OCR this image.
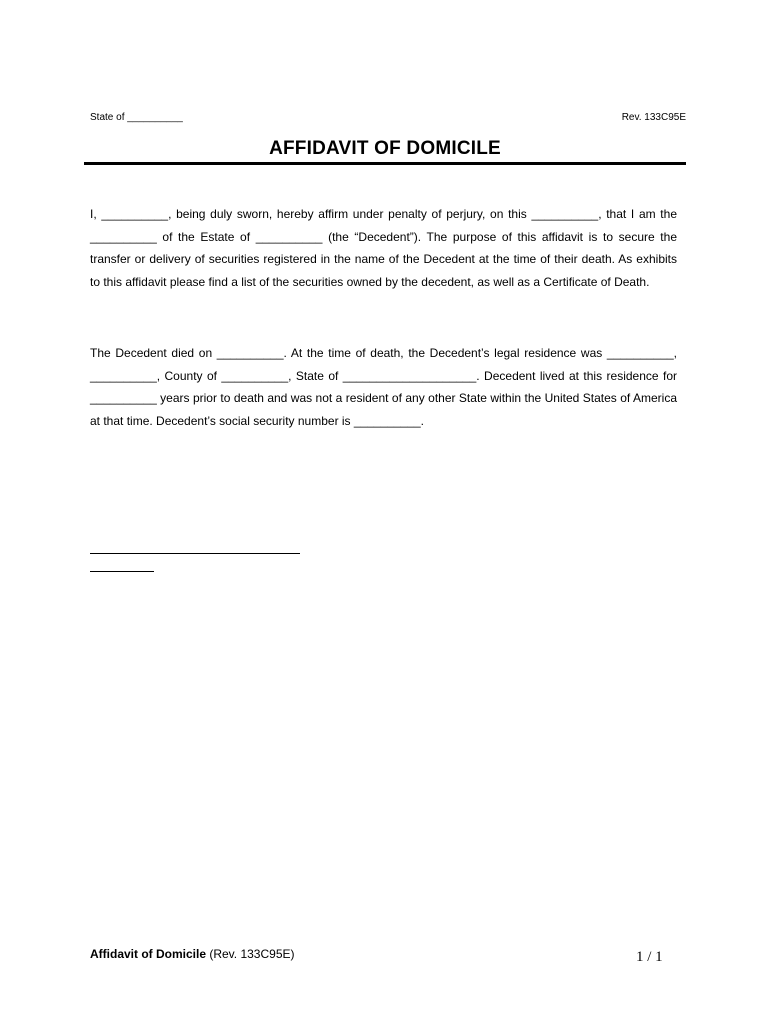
State of __________	Rev. 133C95E
AFFIDAVIT OF DOMICILE
I, __________, being duly sworn, hereby affirm under penalty of perjury, on this __________, that I am the __________ of the Estate of __________ (the “Decedent”). The purpose of this affidavit is to secure the transfer or delivery of securities registered in the name of the Decedent at the time of their death. As exhibits to this affidavit please find a list of the securities owned by the decedent, as well as a Certificate of Death.
The Decedent died on __________. At the time of death, the Decedent’s legal residence was __________, __________, County of __________, State of ____________________. Decedent lived at this residence for __________ years prior to death and was not a resident of any other State within the United States of America at that time. Decedent’s social security number is __________.
Affidavit of Domicile (Rev. 133C95E)	1 / 1
